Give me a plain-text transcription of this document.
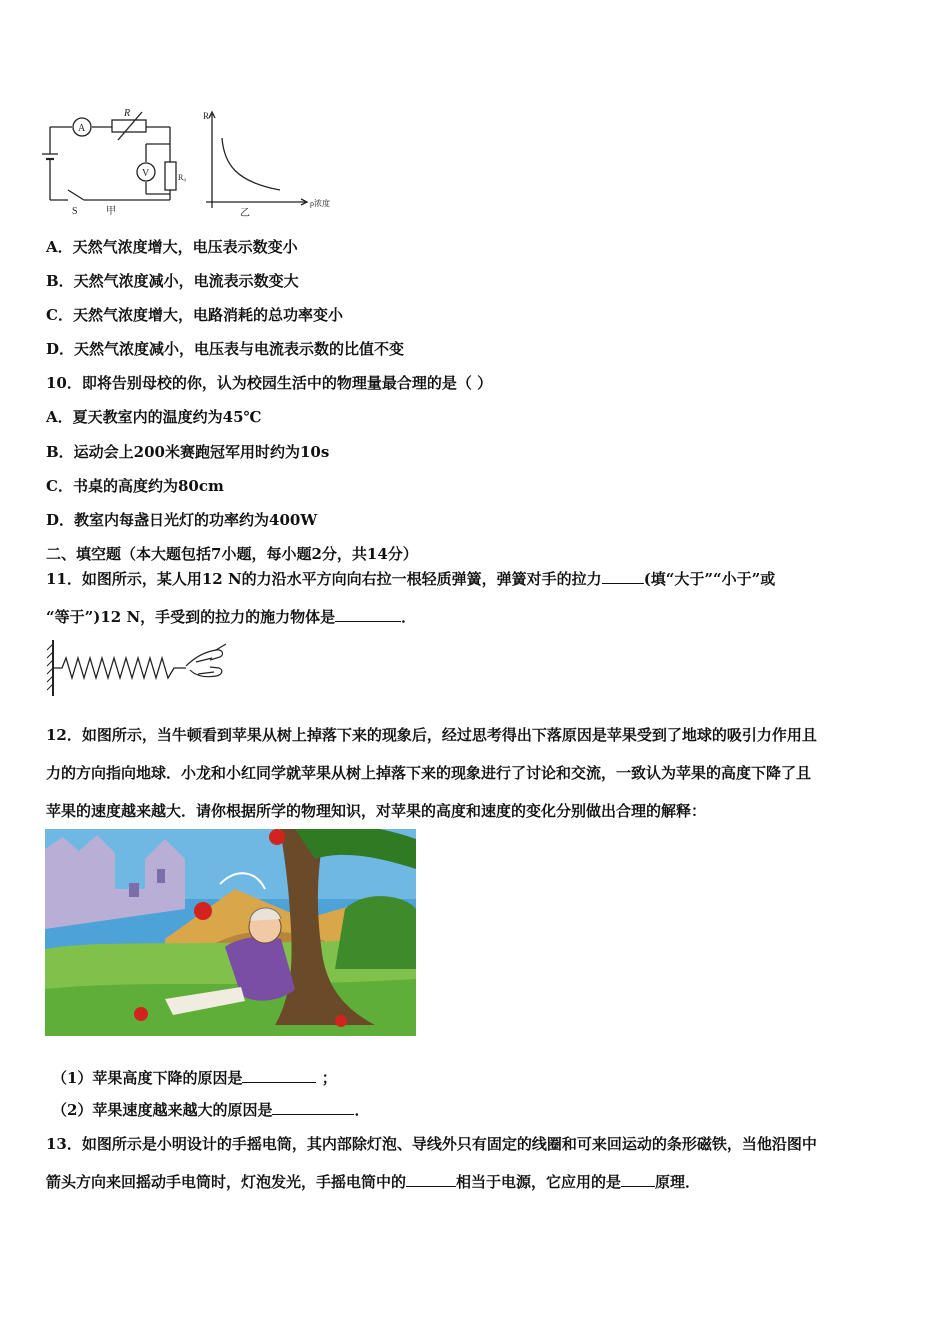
A
V
R
R₀
S	甲
R
ρ浓度
乙
A．天然气浓度增大，电压表示数变小
B．天然气浓度减小，电流表示数变大
C．天然气浓度增大，电路消耗的总功率变小
D．天然气浓度减小，电压表与电流表示数的比值不变
10．即将告别母校的你，认为校园生活中的物理量最合理的是（ ）
A．夏天教室内的温度约为45℃
B．运动会上200米赛跑冠军用时约为10s
C．书桌的高度约为80cm
D．教室内每盏日光灯的功率约为400W
二、填空题（本大题包括7小题，每小题2分，共14分）
11．如图所示，某人用12 N的力沿水平方向向右拉一根轻质弹簧，弹簧对手的拉力	(填“大于”“小于”或
“等于”)12 N，手受到的拉力的施力物体是	．
12．如图所示，当牛顿看到苹果从树上掉落下来的现象后，经过思考得出下落原因是苹果受到了地球的吸引力作用且
力的方向指向地球．小龙和小红同学就苹果从树上掉落下来的现象进行了讨论和交流，一致认为苹果的高度下降了且
苹果的速度越来越大．请你根据所学的物理知识，对苹果的高度和速度的变化分别做出合理的解释：
（1）苹果高度下降的原因是	；
（2）苹果速度越来越大的原因是	．
13．如图所示是小明设计的手摇电筒，其内部除灯泡、导线外只有固定的线圈和可来回运动的条形磁铁，当他沿图中
箭头方向来回摇动手电筒时，灯泡发光，手摇电筒中的	相当于电源，它应用的是 原理．
